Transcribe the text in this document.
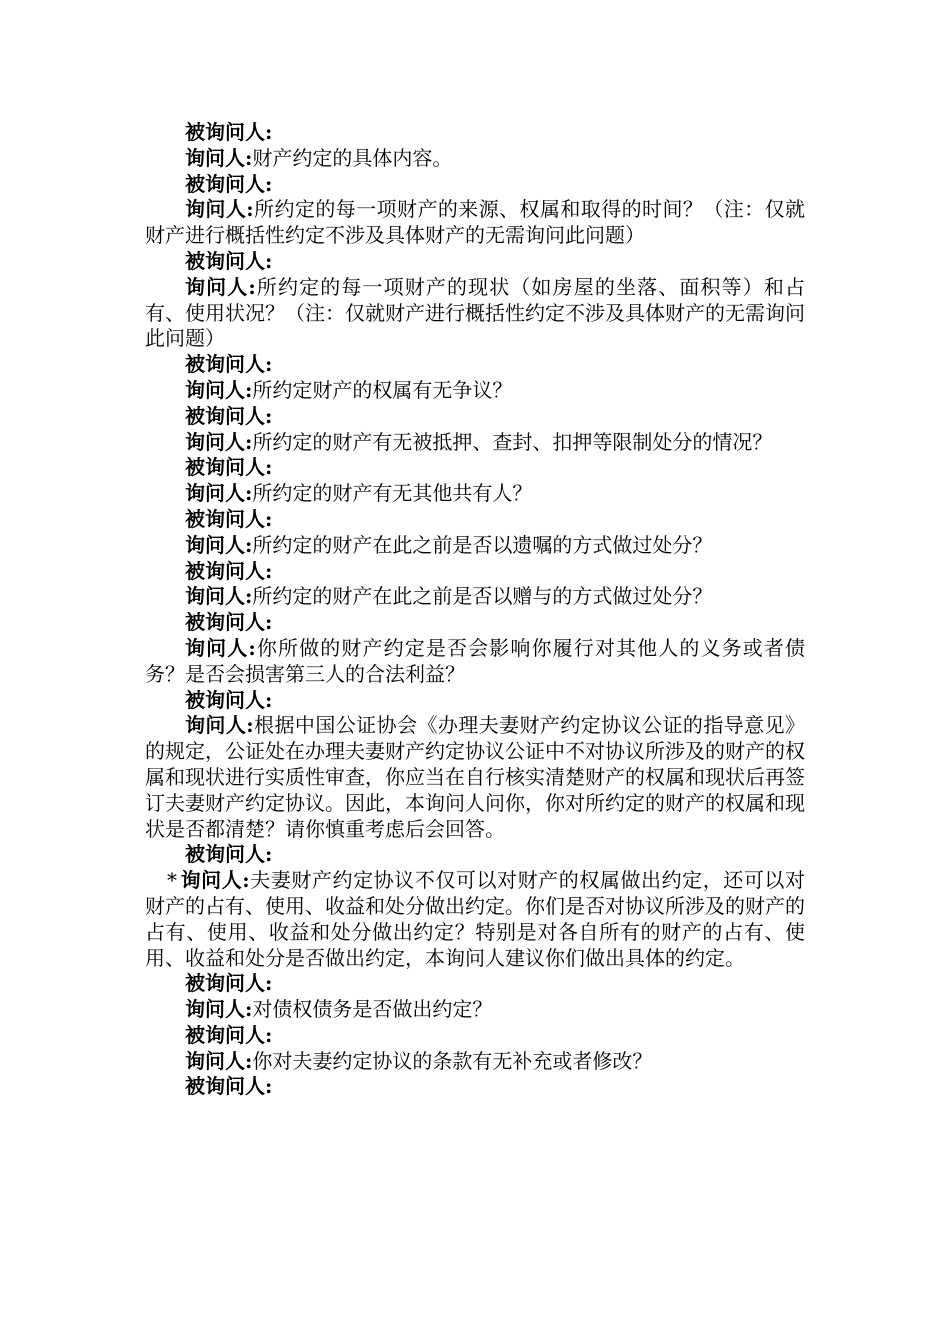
被询问人:

询问人:财产约定的具体内容。

被询问人:

询问人:所约定的每一项财产的来源、权属和取得的时间？（注：仅就财产进行概括性约定不涉及具体财产的无需询问此问题）

被询问人:

询问人:所约定的每一项财产的现状（如房屋的坐落、面积等）和占有、使用状况？（注：仅就财产进行概括性约定不涉及具体财产的无需询问此问题）

被询问人:

询问人:所约定财产的权属有无争议？

被询问人:

询问人:所约定的财产有无被抵押、查封、扣押等限制处分的情况？

被询问人:

询问人:所约定的财产有无其他共有人？

被询问人:

询问人:所约定的财产在此之前是否以遗嘱的方式做过处分？

被询问人:

询问人:所约定的财产在此之前是否以赠与的方式做过处分？

被询问人:

询问人:你所做的财产约定是否会影响你履行对其他人的义务或者债务？是否会损害第三人的合法利益？

被询问人:

询问人:根据中国公证协会《办理夫妻财产约定协议公证的指导意见》的规定，公证处在办理夫妻财产约定协议公证中不对协议所涉及的财产的权属和现状进行实质性审查，你应当在自行核实清楚财产的权属和现状后再签订夫妻财产约定协议。因此，本询问人问你，你对所约定的财产的权属和现状是否都清楚？请你慎重考虑后会回答。

被询问人:

* 询问人:夫妻财产约定协议不仅可以对财产的权属做出约定，还可以对财产的占有、使用、收益和处分做出约定。你们是否对协议所涉及的财产的占有、使用、收益和处分做出约定？特别是对各自所有的财产的占有、使用、收益和处分是否做出约定，本询问人建议你们做出具体的约定。

被询问人:

询问人:对债权债务是否做出约定？

被询问人:

询问人:你对夫妻约定协议的条款有无补充或者修改？

被询问人:
